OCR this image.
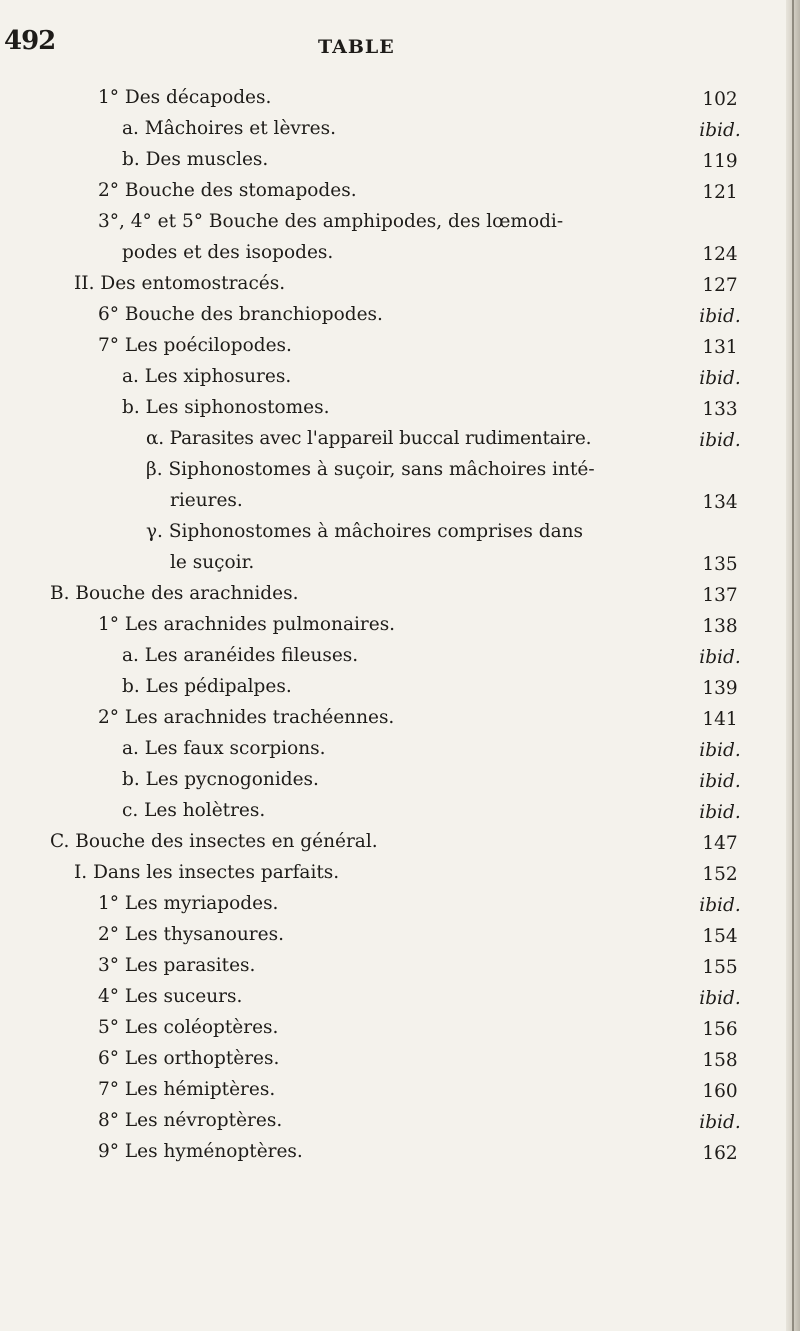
492	TABLE
1° Des décapodes.	102
a. Mâchoires et lèvres.	ibid.
b. Des muscles.	119
2° Bouche des stomapodes.	121
3°, 4° et 5° Bouche des amphipodes, des lœmodi-
podes et des isopodes.	124
II. Des entomostracés.	127
6° Bouche des branchiopodes.	ibid.
7° Les poécilopodes.	131
a. Les xiphosures.	ibid.
b. Les siphonostomes.	133
α. Parasites avec l'appareil buccal rudimentaire.	ibid.
β. Siphonostomes à suçoir, sans mâchoires inté-
rieures.	134
γ. Siphonostomes à mâchoires comprises dans
le suçoir.	135
B. Bouche des arachnides.	137
1° Les arachnides pulmonaires.	138
a. Les aranéides fileuses.	ibid.
b. Les pédipalpes.	139
2° Les arachnides trachéennes.	141
a. Les faux scorpions.	ibid.
b. Les pycnogonides.	ibid.
c. Les holètres.	ibid.
C. Bouche des insectes en général.	147
I. Dans les insectes parfaits.	152
1° Les myriapodes.	ibid.
2° Les thysanoures.	154
3° Les parasites.	155
4° Les suceurs.	ibid.
5° Les coléoptères.	156
6° Les orthoptères.	158
7° Les hémiptères.	160
8° Les névroptères.	ibid.
9° Les hyménoptères.	162
